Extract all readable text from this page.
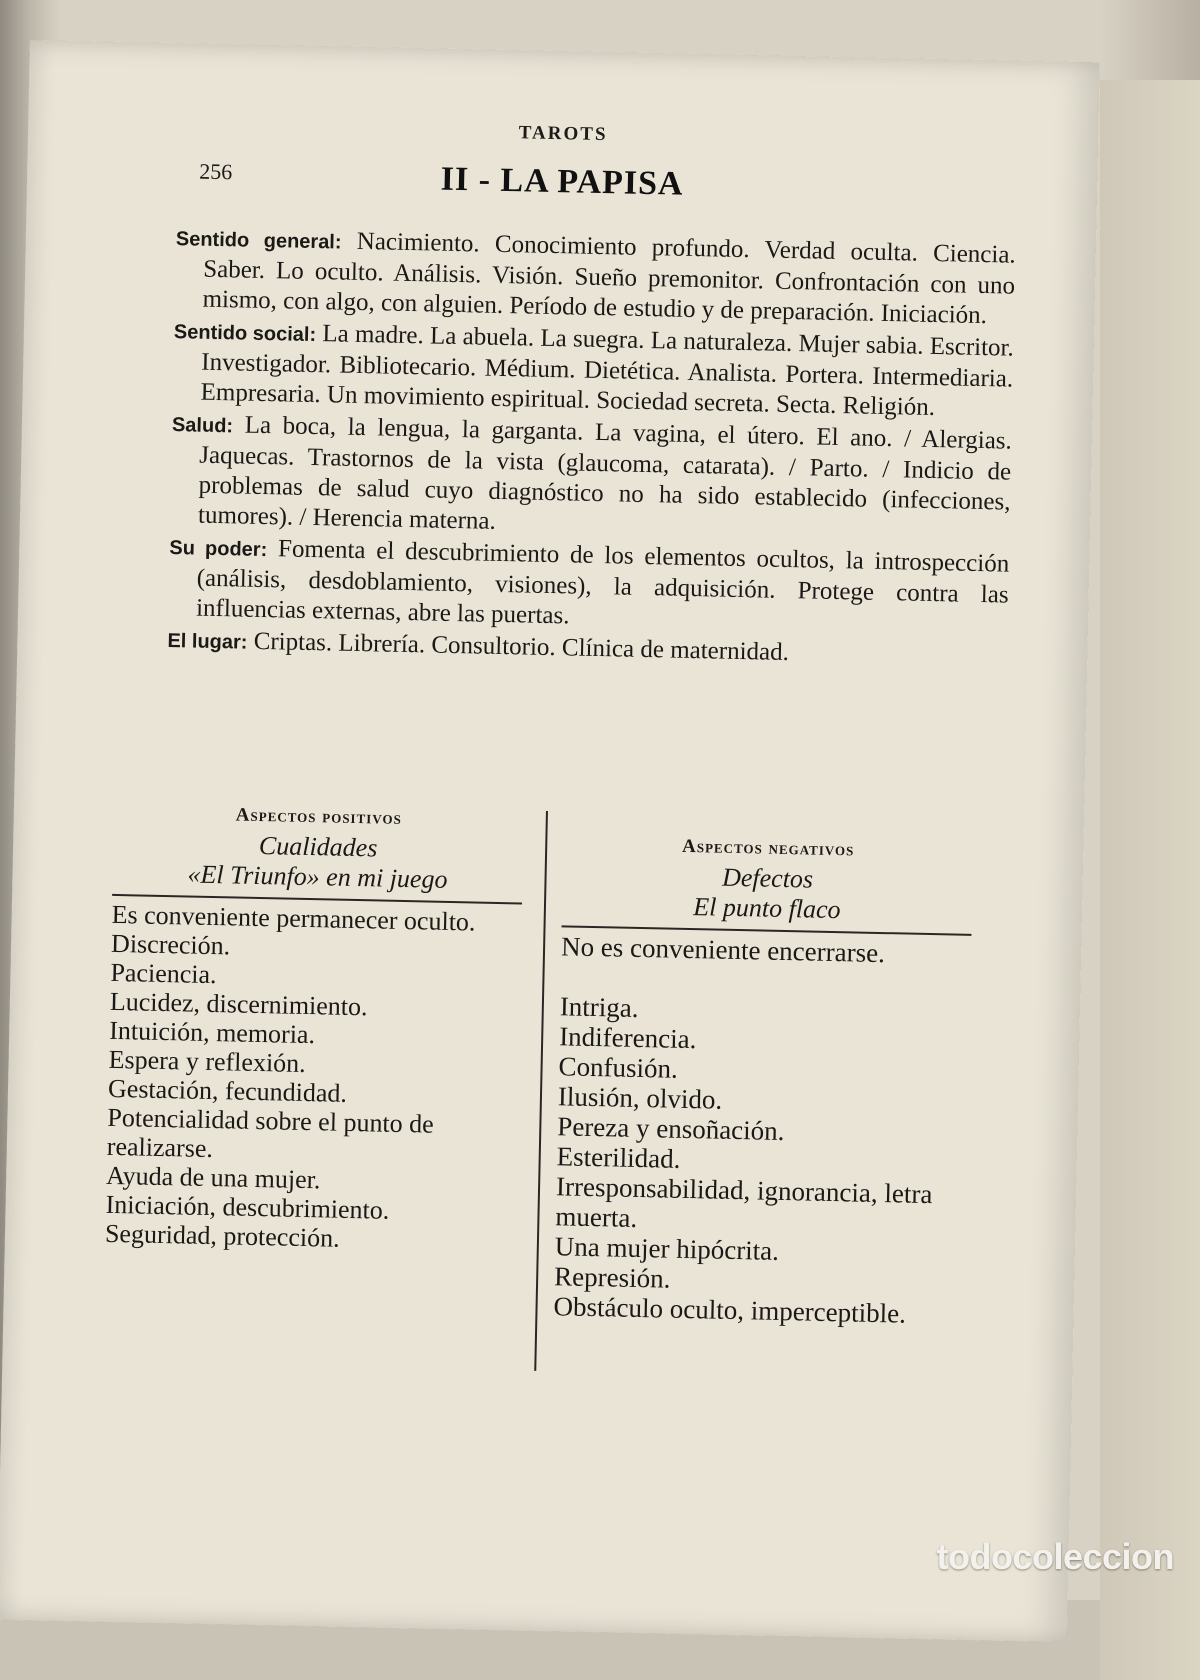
TAROTS
256	II - LA PAPISA

Sentido general: Nacimiento. Conocimiento profundo. Verdad oculta. Ciencia. Saber. Lo oculto. Análisis. Visión. Sueño premonitor. Confrontación con uno mismo, con algo, con alguien. Período de estudio y de preparación. Iniciación.

Sentido social: La madre. La abuela. La suegra. La naturaleza. Mujer sabia. Escritor. Investigador. Bibliotecario. Médium. Dietética. Analista. Portera. Intermediaria. Empresaria. Un movimiento espiritual. Sociedad secreta. Secta. Religión.

Salud: La boca, la lengua, la garganta. La vagina, el útero. El ano. / Alergias. Jaquecas. Trastornos de la vista (glaucoma, catarata). / Parto. / Indicio de problemas de salud cuyo diagnóstico no ha sido establecido (infecciones, tumores). / Herencia materna.

Su poder: Fomenta el descubrimiento de los elementos ocultos, la introspección (análisis, desdoblamiento, visiones), la adquisición. Protege contra las influencias externas, abre las puertas.

El lugar: Criptas. Librería. Consultorio. Clínica de maternidad.

Aspectos positivos
Cualidades
«El Triunfo» en mi juego
Es conveniente permanecer oculto.
Discreción.
Paciencia.
Lucidez, discernimiento.
Intuición, memoria.
Espera y reflexión.
Gestación, fecundidad.
Potencialidad sobre el punto de realizarse.
Ayuda de una mujer.
Iniciación, descubrimiento.
Seguridad, protección.
Aspectos negativos
Defectos
El punto flaco
No es conveniente encerrarse.
Intriga.
Indiferencia.
Confusión.
Ilusión, olvido.
Pereza y ensoñación.
Esterilidad.
Irresponsabilidad, ignorancia, letra muerta.
Una mujer hipócrita.
Represión.
Obstáculo oculto, imperceptible.
todocoleccion
